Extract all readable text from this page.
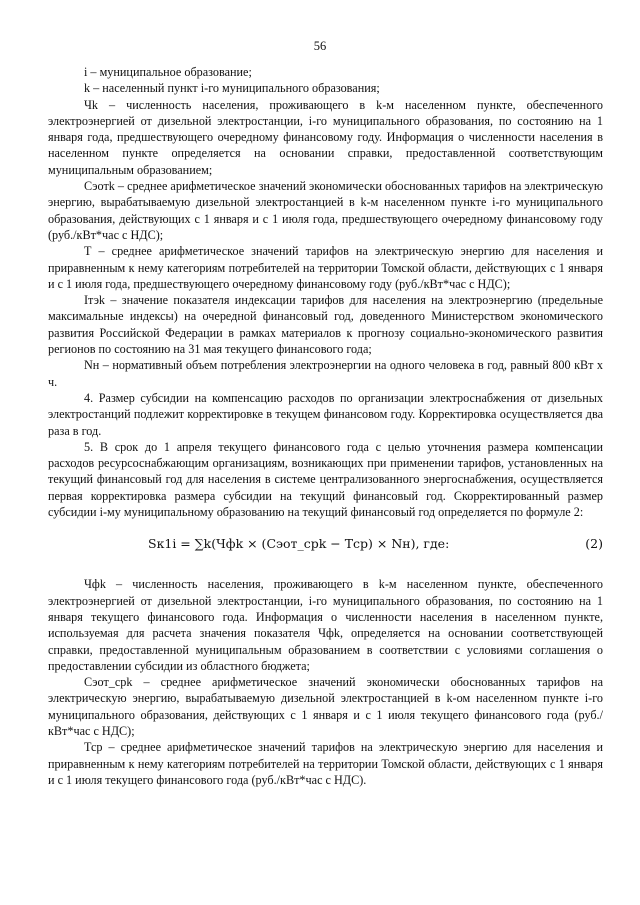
56

i – муниципальное образование;

k – населенный пункт i-го муниципального образования;

Чk – численность населения, проживающего в k-м населенном пункте, обеспеченного электроэнергией от дизельной электростанции, i-го муниципального образования, по состоянию на 1 января года, предшествующего очередному финансовому году. Информация о численности населения в населенном пункте определяется на основании справки, предоставленной соответствующим муниципальным образованием;

Сэотk – среднее арифметическое значений экономически обоснованных тарифов на электрическую энергию, вырабатываемую дизельной электростанцией в k-м населенном пункте i-го муниципального образования, действующих с 1 января и с 1 июля года, предшествующего очередному финансовому году (руб./кВт*час с НДС);

Т – среднее арифметическое значений тарифов на электрическую энергию для населения и приравненным к нему категориям потребителей на территории Томской области, действующих с 1 января и с 1 июля года, предшествующего очередному финансовому году (руб./кВт*час с НДС);

Iтэk – значение показателя индексации тарифов для населения на электроэнергию (предельные максимальные индексы) на очередной финансовый год, доведенного Министерством экономического развития Российской Федерации в рамках материалов к прогнозу социально-экономического развития регионов по состоянию на 31 мая текущего финансового года;

Nн – нормативный объем потребления электроэнергии на одного человека в год, равный 800 кВт х ч.

4. Размер субсидии на компенсацию расходов по организации электроснабжения от дизельных электростанций подлежит корректировке в текущем финансовом году. Корректировка осуществляется два раза в год.

5. В срок до 1 апреля текущего финансового года с целью уточнения размера компенсации расходов ресурсоснабжающим организациям, возникающих при применении тарифов, установленных на текущий финансовый год для населения в системе централизованного энергоснабжения, осуществляется первая корректировка размера субсидии на текущий финансовый год. Скорректированный размер субсидии i-му муниципальному образованию на текущий финансовый год определяется по формуле 2:

Sк1i = ∑k(Чфk × (Сэот_срk − Тср) × Nн), где:	(2)

Чфk – численность населения, проживающего в k-м населенном пункте, обеспеченного электроэнергией от дизельной электростанции, i-го муниципального образования, по состоянию на 1 января текущего финансового года. Информация о численности населения в населенном пункте, используемая для расчета значения показателя Чфk, определяется на основании соответствующей справки, предоставленной муниципальным образованием в соответствии с условиями соглашения о предоставлении субсидии из областного бюджета;

Сэот_срk – среднее арифметическое значений экономически обоснованных тарифов на электрическую энергию, вырабатываемую дизельной электростанцией в k-ом населенном пункте i-го муниципального образования, действующих с 1 января и с 1 июля текущего финансового года (руб./кВт*час с НДС);

Тср – среднее арифметическое значений тарифов на электрическую энергию для населения и приравненным к нему категориям потребителей на территории Томской области, действующих с 1 января и с 1 июля текущего финансового года (руб./кВт*час с НДС).
